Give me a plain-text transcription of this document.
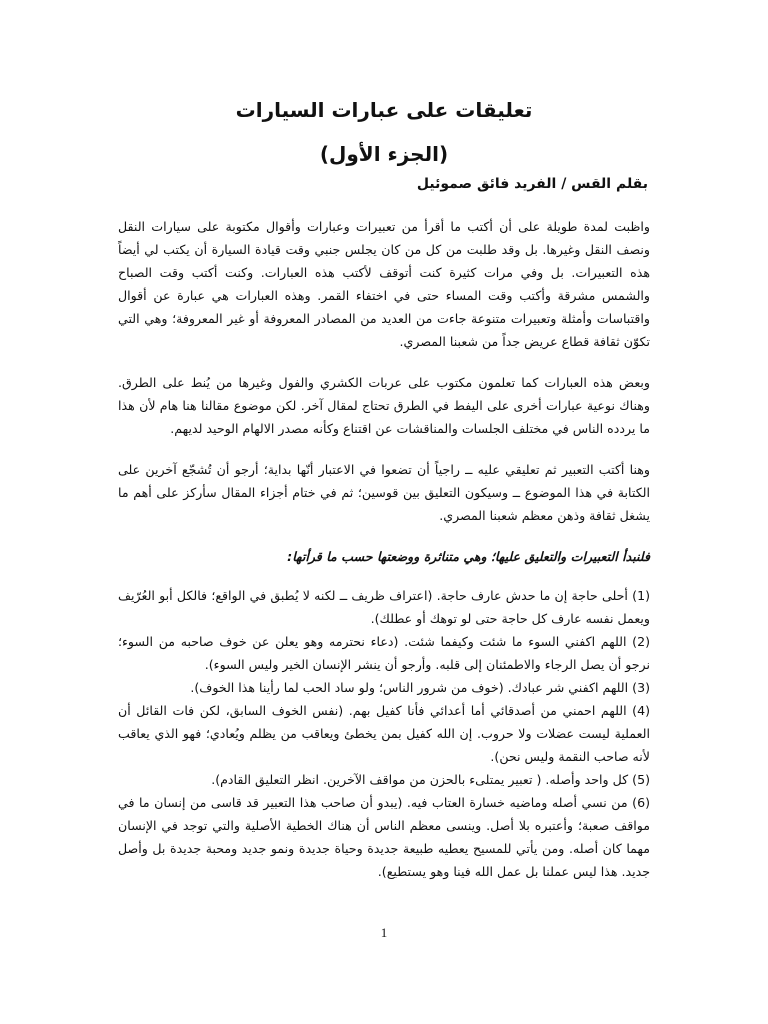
تعليقات على عبارات السيارات
(الجزء الأول)
بقلم القس / الفريد فائق صموئيل

واظبت لمدة طويلة على أن أكتب ما أقرأ من تعبيرات وعبارات وأقوال مكتوبة على سيارات النقل ونصف النقل وغيرها. بل وقد طلبت من كل من كان يجلس جنبي وقت قيادة السيارة أن يكتب لي أيضاً هذه التعبيرات. بل وفي مرات كثيرة كنت أتوقف لأكتب هذه العبارات. وكنت أكتب وقت الصباح والشمس مشرقة وأكتب وقت المساء حتى في اختفاء القمر. وهذه العبارات هي عبارة عن أقوال واقتباسات وأمثلة وتعبيرات متنوعة جاءت من العديد من المصادر المعروفة أو غير المعروفة؛ وهي التي تكوّن ثقافة قطاع عريض جداً من شعبنا المصري.

وبعض هذه العبارات كما تعلمون مكتوب على عربات الكشري والفول وغيرها من يُنط على الطرق. وهناك نوعية عبارات أخرى على اليفط في الطرق تحتاج لمقال آخر. لكن موضوع مقالنا هنا هام لأن هذا ما يردده الناس في مختلف الجلسات والمناقشات عن اقتناع وكأنه مصدر الالهام الوحيد لديهم.

وهنا أكتب التعبير ثم تعليقي عليه ــ راجياً أن تضعوا في الاعتبار أنّها بداية؛ أرجو أن تُشجّع آخرين على الكتابة في هذا الموضوع ــ وسيكون التعليق بين قوسين؛ ثم في ختام أجزاء المقال سأركز على أهم ما يشغل ثقافة وذهن معظم شعبنا المصري.

فلنبدأ التعبيرات والتعليق عليها؛ وهي متناثرة ووضعتها حسب ما قرأتها:

(1) أحلى حاجة إن ما حدش عارف حاجة. (اعتراف ظريف ــ لكنه لا يُطبق في الواقع؛ فالكل أبو العُرّيف ويعمل نفسه عارف كل حاجة حتى لو توهك أو عطلك).

(2) اللهم اكفني السوء ما شئت وكيفما شئت. (دعاء نحترمه وهو يعلن عن خوف صاحبه من السوء؛ نرجو أن يصل الرجاء والاطمئنان إلى قلبه. وأرجو أن ينشر الإنسان الخير وليس السوء).

(3) اللهم اكفني شر عبادك. (خوف من شرور الناس؛ ولو ساد الحب لما رأينا هذا الخوف).

(4) اللهم احمني من أصدقائي أما أعدائي فأنا كفيل بهم. (نفس الخوف السابق، لكن فات القائل أن العملية ليست عضلات ولا حروب. إن الله كفيل بمن يخطئ ويعاقب من يظلم ويُعادي؛ فهو الذي يعاقب لأنه صاحب النقمة وليس نحن).

(5) كل واحد وأصله. ( تعبير يمتلىء بالحزن من مواقف الآخرين. انظر التعليق القادم).

(6) من نسي أصله وماضيه خسارة العتاب فيه. (يبدو أن صاحب هذا التعبير قد قاسى من إنسان ما في مواقف صعبة؛ وأعتبره بلا أصل. وينسى معظم الناس أن هناك الخطية الأصلية والتي توجد في الإنسان مهما كان أصله. ومن يأتي للمسيح يعطيه طبيعة جديدة وحياة جديدة ونمو جديد ومحبة جديدة بل وأصل جديد. هذا ليس عملنا بل عمل الله فينا وهو يستطيع).

1
